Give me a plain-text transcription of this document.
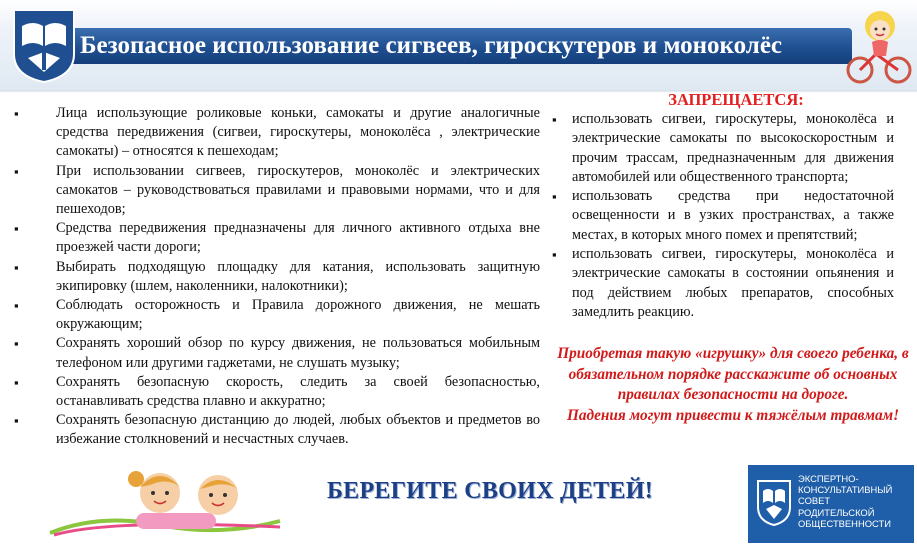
Безопасное использование сигвеев, гироскутеров и моноколёс
▪	Лица использующие роликовые коньки, самокаты и другие аналогичные средства передвижения (сигвеи, гироскутеры, моноколёса , электрические самокаты) – относятся к пешеходам;
▪	При использовании сигвеев, гироскутеров, моноколёс и электрических самокатов – руководствоваться правилами и правовыми нормами, что и для пешеходов;
▪	Средства передвижения предназначены для личного активного отдыха вне проезжей части дороги;
▪	Выбирать подходящую площадку для катания, использовать защитную экипировку (шлем, наколенники, налокотники);
▪	Соблюдать осторожность и Правила дорожного движения, не мешать окружающим;
▪	Сохранять хороший обзор по курсу движения, не пользоваться мобильным телефоном или другими гаджетами, не слушать музыку;
▪	Сохранять безопасную скорость, следить за своей безопасностью, останавливать средства плавно и аккуратно;
▪	Сохранять безопасную дистанцию до людей, любых объектов и предметов во избежание столкновений и несчастных случаев.
ЗАПРЕЩАЕТСЯ:
▪ использовать сигвеи, гироскутеры, моноколёса и электрические самокаты по высокоскоростным и прочим трассам, предназначенным для движения автомобилей или общественного транспорта;
▪ использовать средства при недостаточной освещенности и в узких пространствах, а также местах, в которых много помех и препятствий;
▪ использовать сигвеи, гироскутеры, моноколёса и электрические самокаты в состоянии опьянения и под действием любых препаратов, способных замедлить реакцию.
Приобретая такую «игрушку» для своего ребенка, в обязательном порядке расскажите об основных правилах безопасности на дороге.
Падения могут привести к тяжёлым травмам!
БЕРЕГИТЕ СВОИХ ДЕТЕЙ!	ЭКСПЕРТНО-
КОНСУЛЬТАТИВНЫЙ
СОВЕТ
РОДИТЕЛЬСКОЙ
ОБЩЕСТВЕННОСТИ
